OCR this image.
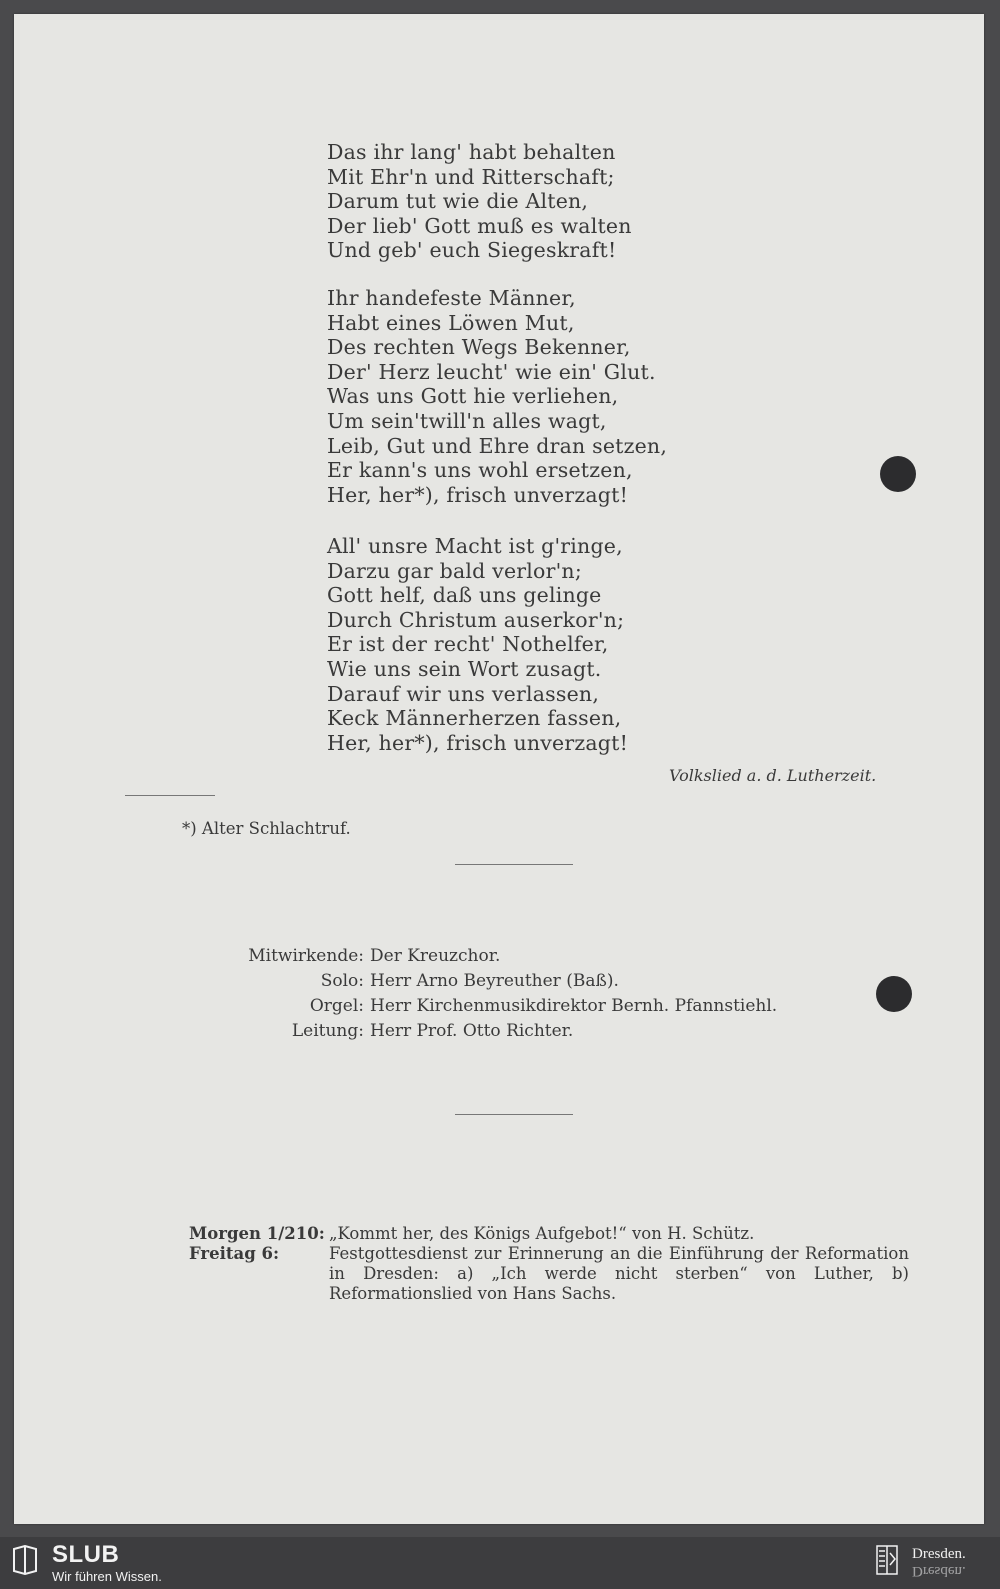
Das ihr lang' habt behalten
Mit Ehr'n und Ritterschaft;
Darum tut wie die Alten,
Der lieb' Gott muß es walten
Und geb' euch Siegeskraft!
Ihr handefeste Männer,
Habt eines Löwen Mut,
Des rechten Wegs Bekenner,
Der' Herz leucht' wie ein' Glut.
Was uns Gott hie verliehen,
Um sein'twill'n alles wagt,
Leib, Gut und Ehre dran setzen,
Er kann's uns wohl ersetzen,
Her, her*), frisch unverzagt!
All' unsre Macht ist g'ringe,
Darzu gar bald verlor'n;
Gott helf, daß uns gelinge
Durch Christum auserkor'n;
Er ist der recht' Nothelfer,
Wie uns sein Wort zusagt.
Darauf wir uns verlassen,
Keck Männerherzen fassen,
Her, her*), frisch unverzagt!
Volkslied a. d. Lutherzeit.
*) Alter Schlachtruf.
Mitwirkende: Der Kreuzchor.
Solo: Herr Arno Beyreuther (Baß).
Orgel: Herr Kirchenmusikdirektor Bernh. Pfannstiehl.
Leitung: Herr Prof. Otto Richter.
Morgen 1/210: „Kommt her, des Königs Aufgebot!“ von H. Schütz.
Freitag 6:	Festgottesdienst zur Erinnerung an die Einführung der Reformation in Dresden: a) „Ich werde nicht sterben“ von Luther, b) Reformationslied von Hans Sachs.
SLUB
Wir führen Wissen.
Dresden.
Dresden.
